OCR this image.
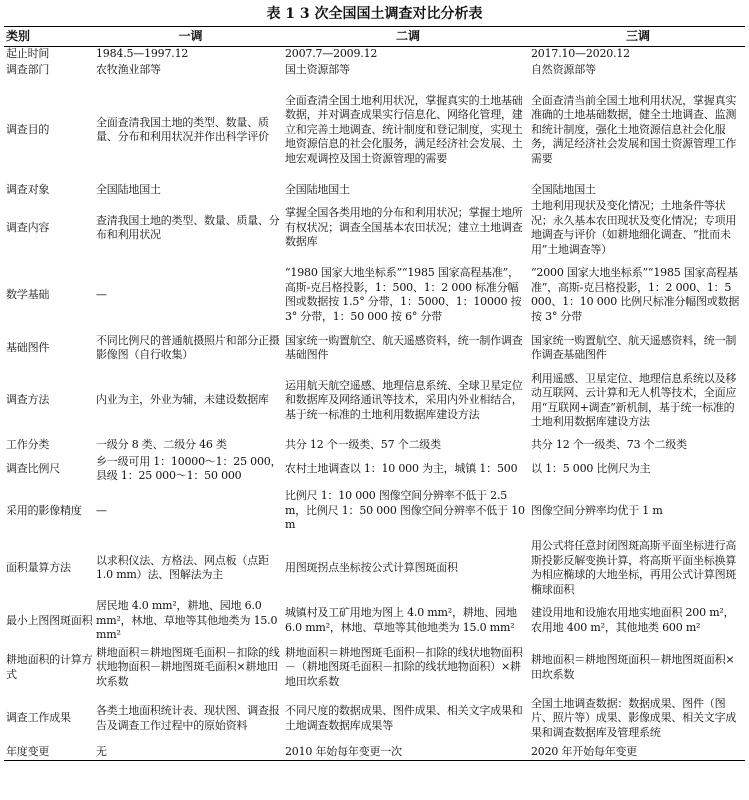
表 1 3 次全国国土调查对比分析表
类别	一调	二调	三调
起止时间	1984.5—1997.12	2007.7—2009.12	2017.10—2020.12
调查部门	农牧渔业部等	国土资源部等	自然资源部等
调查目的	全面查清我国土地的类型、数量、质量、分布和利用状况并作出科学评价	全面查清全国土地利用状况，掌握真实的土地基础数据，并对调查成果实行信息化、网络化管理，建立和完善土地调查、统计制度和登记制度，实现土地资源信息的社会化服务，满足经济社会发展、土地宏观调控及国土资源管理的需要	全面查清当前全国土地利用状况，掌握真实准确的土地基础数据，健全土地调查、监测和统计制度，强化土地资源信息社会化服务，满足经济社会发展和国土资源管理工作需要
调查对象	全国陆地国土	全国陆地国土	全国陆地国土
调查内容	查清我国土地的类型、数量、质量、分布和利用状况	掌握全国各类用地的分布和利用状况；掌握土地所有权状况；调查全国基本农田状况；建立土地调查数据库	土地利用现状及变化情况；土地条件等状况；永久基本农田现状及变化情况；专项用地调查与评价（如耕地细化调查、“批而未用”土地调查等）
数学基础	—	“1980 国家大地坐标系”“1985 国家高程基准”，高斯-克吕格投影，1：500、1：2 000 标准分幅图或数据按 1.5° 分带，1：5000、1：10000 按 3° 分带，1：50 000 按 6° 分带	“2000 国家大地坐标系”“1985 国家高程基准”，高斯-克吕格投影，1：2 000、1：5 000、1：10 000 比例尺标准分幅图或数据按 3° 分带
基础图件	不同比例尺的普通航摄照片和部分正摄影像图（自行收集）	国家统一购置航空、航天遥感资料，统一制作调查基础图件	国家统一购置航空、航天遥感资料，统一制作调查基础图件
调查方法	内业为主，外业为辅，未建设数据库	运用航天航空遥感、地理信息系统、全球卫星定位和数据库及网络通讯等技术，采用内外业相结合，基于统一标准的土地利用数据库建设方法	利用遥感、卫星定位、地理信息系统以及移动互联网、云计算和无人机等技术，全面应用“互联网+调查”新机制，基于统一标准的土地利用数据库建设方法
工作分类	一级分 8 类、二级分 46 类	共分 12 个一级类、57 个二级类	共分 12 个一级类、73 个二级类
调查比例尺	乡一级可用 1：10000～1：25 000，县级 1：25 000～1：50 000	农村土地调查以 1：10 000 为主，城镇 1：500	以 1：5 000 比例尺为主
采用的影像精度	—	比例尺 1：10 000 图像空间分辨率不低于 2.5 m，比例尺 1：50 000 图像空间分辨率不低于 10 m	图像空间分辨率均优于 1 m
面积量算方法	以求积仪法、方格法、网点板（点距 1.0 mm）法、图解法为主	用图斑拐点坐标按公式计算图斑面积	用公式将任意封闭图斑高斯平面坐标进行高斯投影反解变换计算，将高斯平面坐标换算为相应椭球的大地坐标，再用公式计算图斑椭球面积
最小上图图斑面积	居民地 4.0 mm²，耕地、园地 6.0 mm²，林地、草地等其他地类为 15.0 mm²	城镇村及工矿用地为图上 4.0 mm²，耕地、园地 6.0 mm²，林地、草地等其他地类为 15.0 mm²	建设用地和设施农用地实地面积 200 m²，农用地 400 m²，其他地类 600 m²
耕地面积的计算方式	耕地面积＝耕地图斑毛面积－扣除的线状地物面积－耕地图斑毛面积×耕地田坎系数	耕地面积＝耕地图斑毛面积－扣除的线状地物面积－（耕地图斑毛面积－扣除的线状地物面积）×耕地田坎系数	耕地面积＝耕地图斑面积－耕地图斑面积×田坎系数
调查工作成果	各类土地面积统计表、现状图、调查报告及调查工作过程中的原始资料	不同尺度的数据成果、图件成果、相关文字成果和土地调查数据库成果等	全国土地调查数据：数据成果、图件（图片、照片等）成果、影像成果、相关文字成果和调查数据库及管理系统
年度变更	无	2010 年始每年变更一次	2020 年开始每年变更
